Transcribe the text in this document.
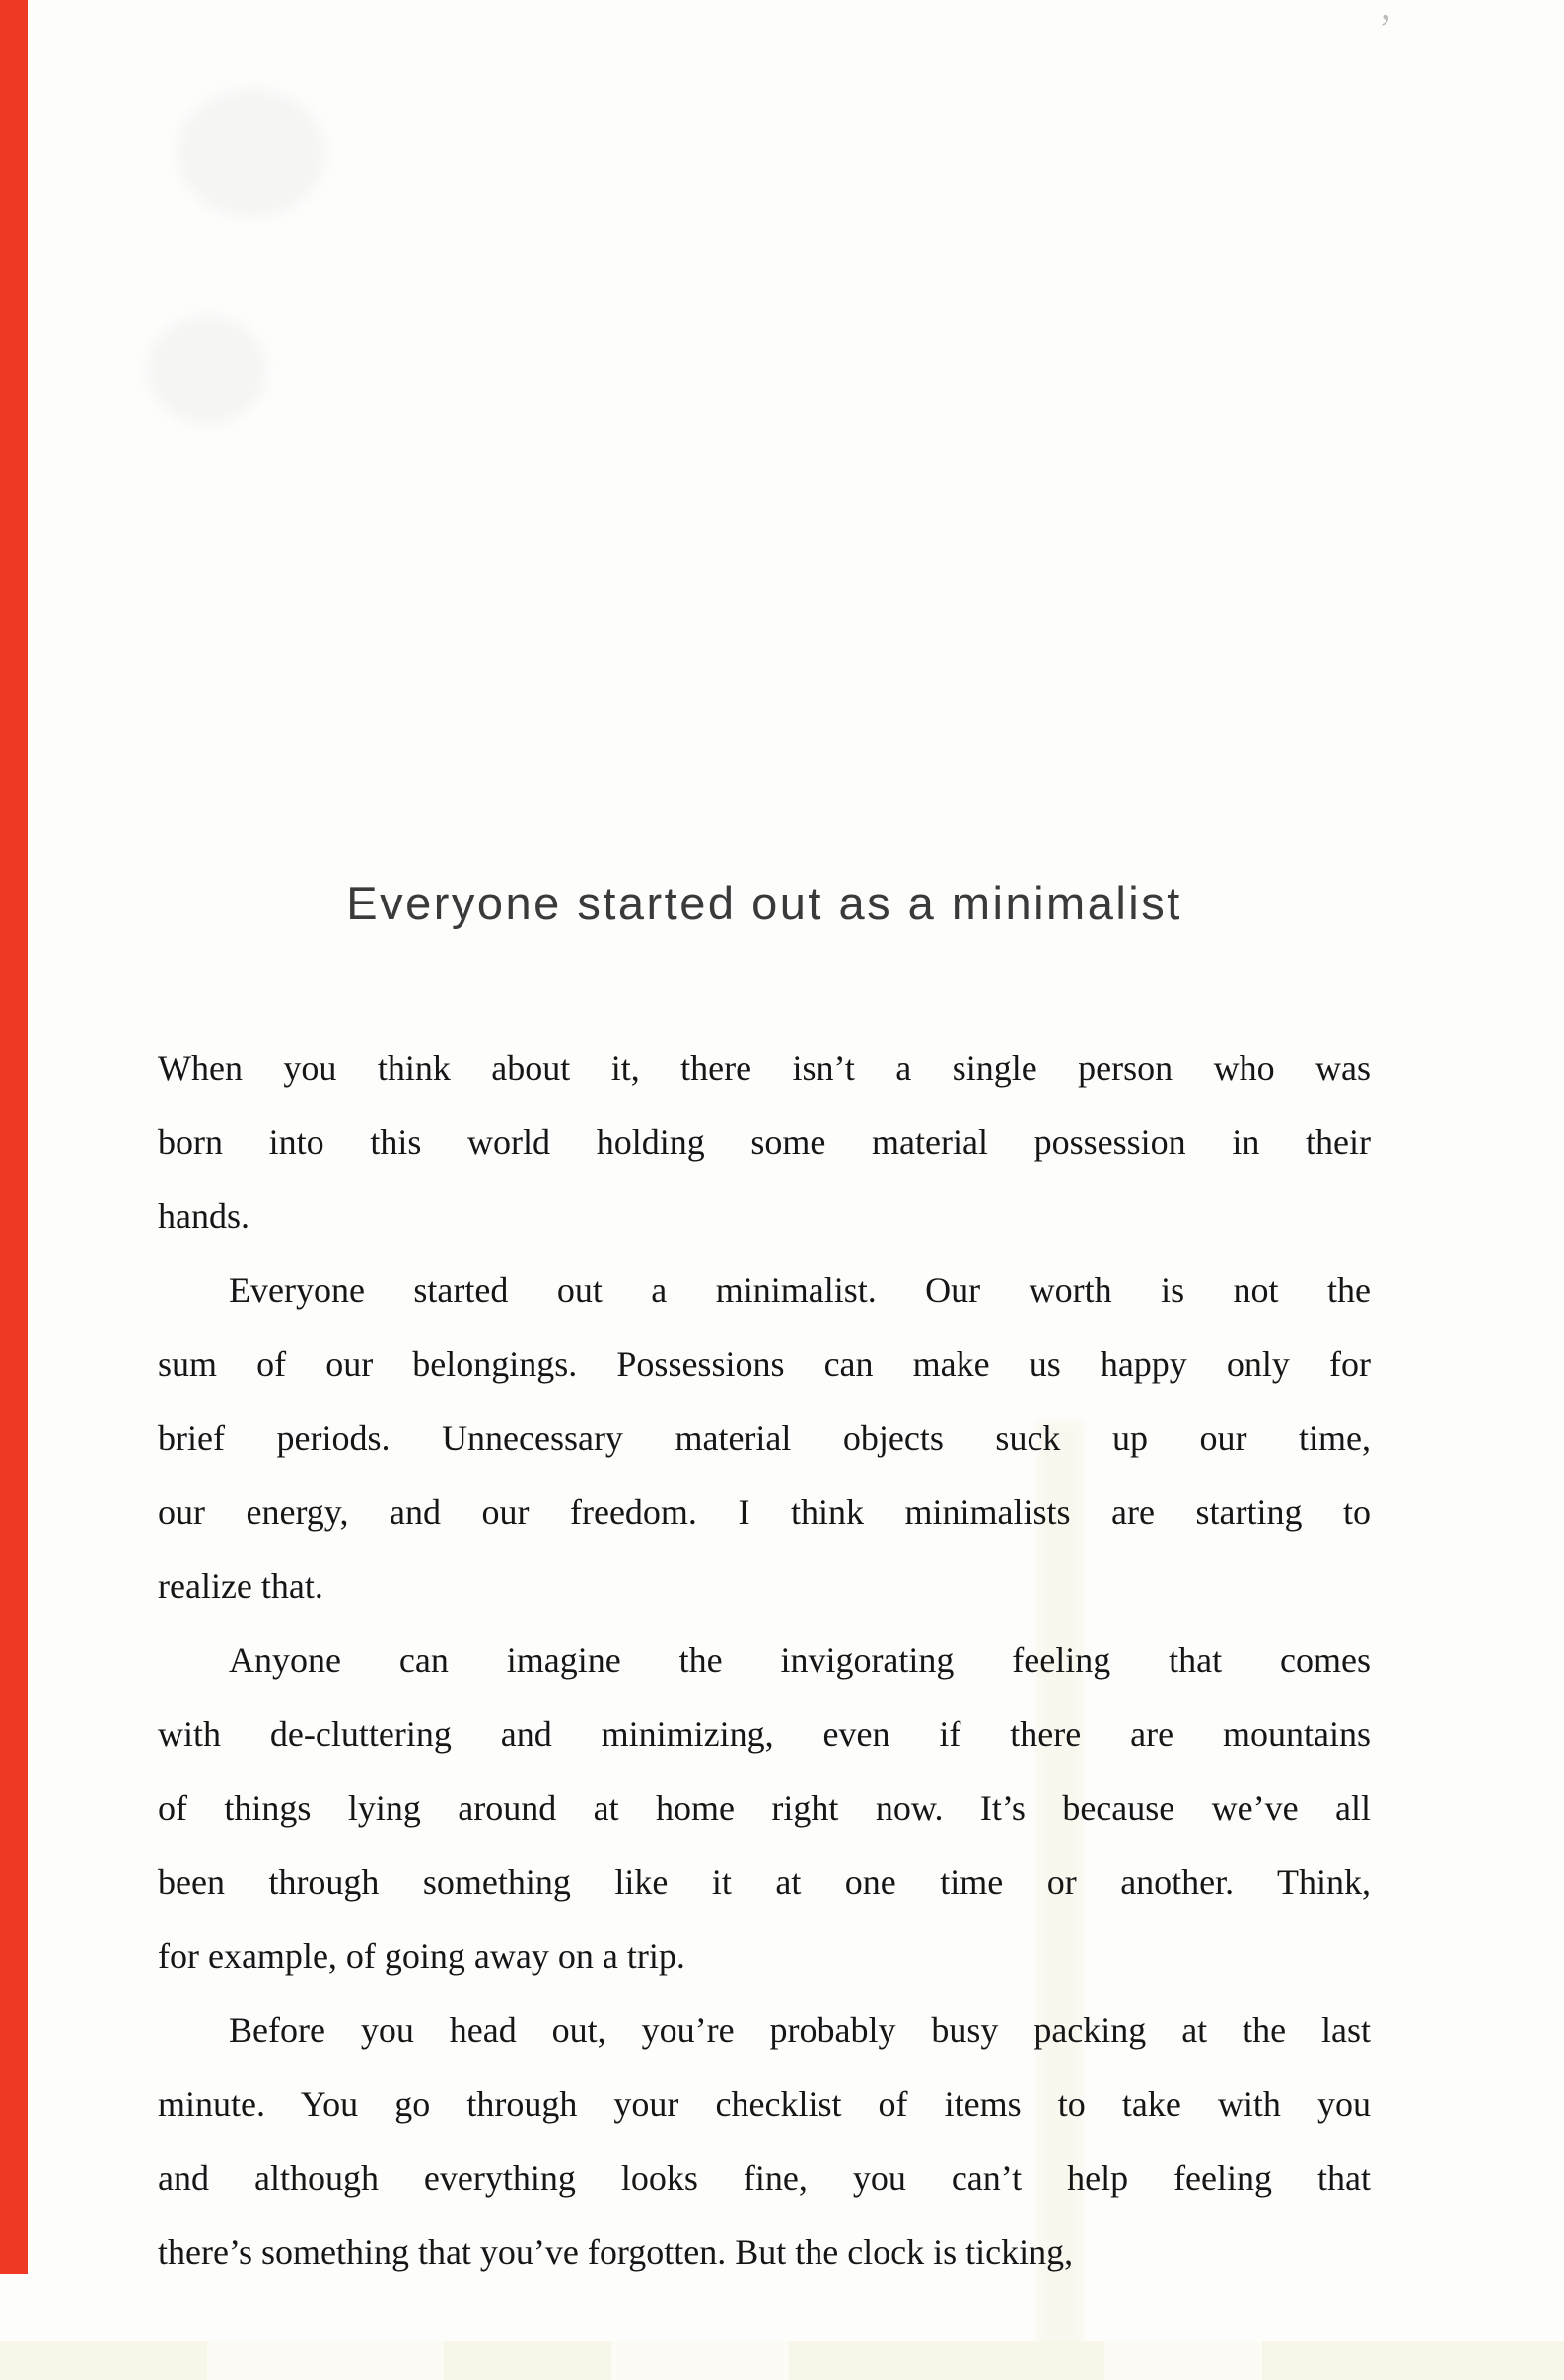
’
Everyone started out as a minimalist
When you think about it, there isn’t a single person who was
born into this world holding some material possession in their
hands.
Everyone started out a minimalist. Our worth is not the
sum of our belongings. Possessions can make us happy only for
brief periods. Unnecessary material objects suck up our time,
our energy, and our freedom. I think minimalists are starting to
realize that.
Anyone can imagine the invigorating feeling that comes
with de-cluttering and minimizing, even if there are mountains
of things lying around at home right now. It’s because we’ve all
been through something like it at one time or another. Think,
for example, of going away on a trip.
Before you head out, you’re probably busy packing at the last
minute. You go through your checklist of items to take with you
and although everything looks fine, you can’t help feeling that
there’s something that you’ve forgotten. But the clock is ticking,
